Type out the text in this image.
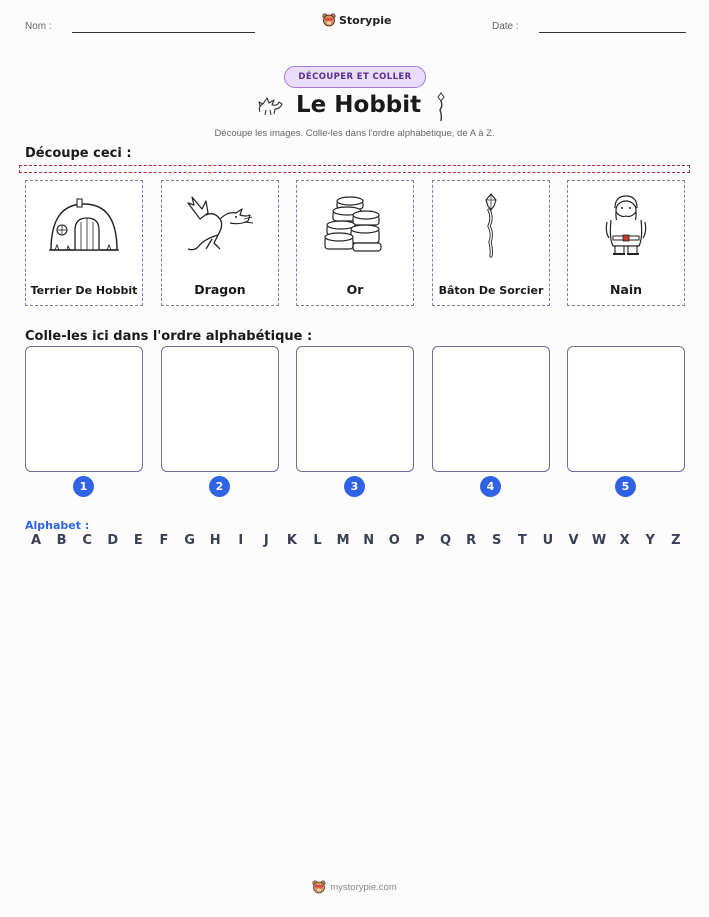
Nom :	Storypie	Date :
DÉCOUPER ET COLLER
Le Hobbit
Découpe les images. Colle-les dans l'ordre alphabétique, de A à Z.
Découpe ceci :
Terrier De Hobbit	Dragon	Or	Bâton De Sorcier	Nain
Colle-les ici dans l'ordre alphabétique :
1	2	3	4	5
Alphabet :
A	B	C	D	E	F	G	H	I	J	K	L	M	N	O	P	Q	R	S	T	U	V	W	X	Y	Z
mystorypie.com
